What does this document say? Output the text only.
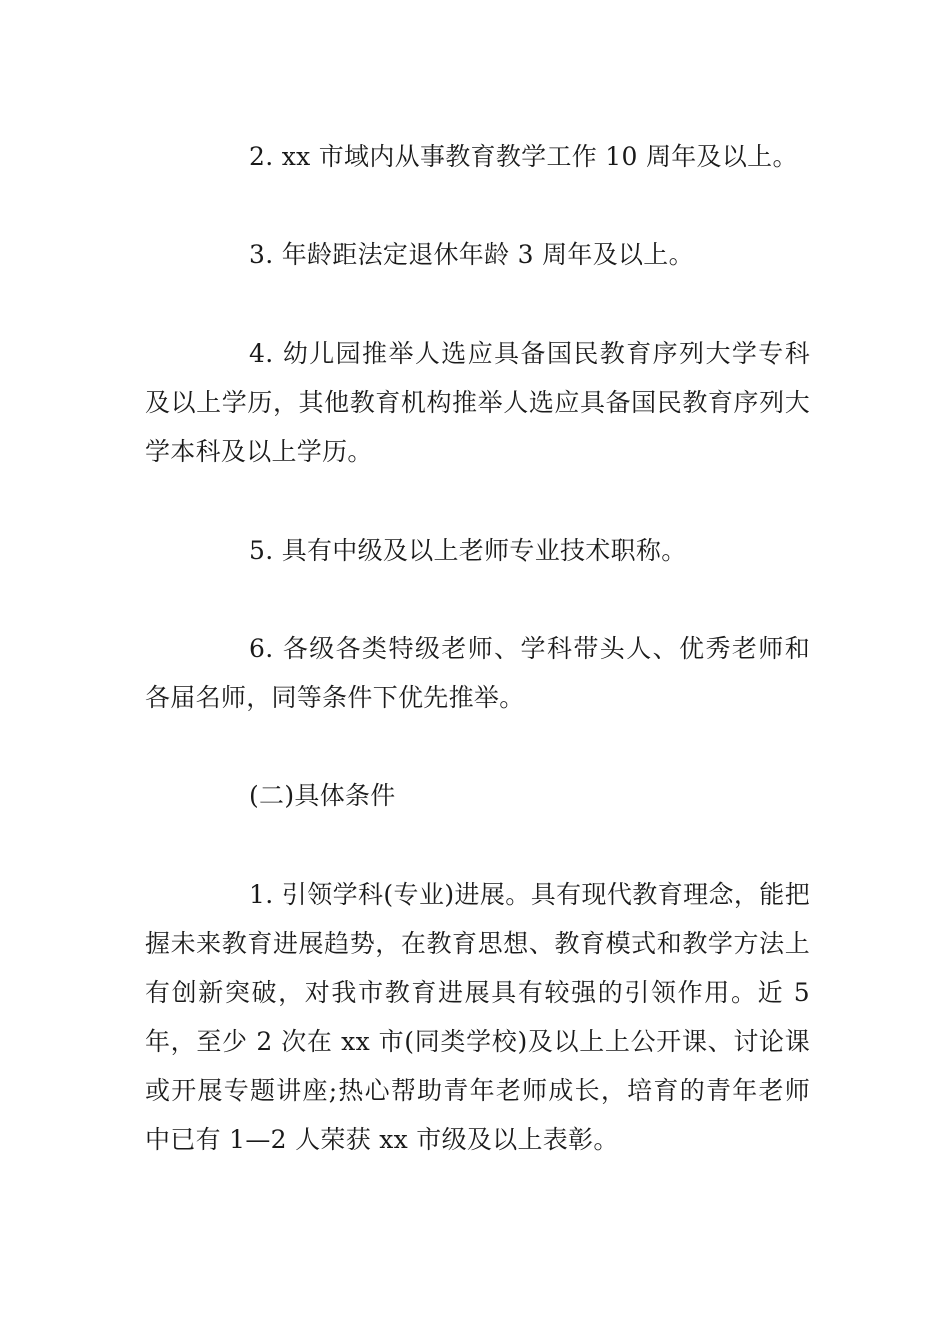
2. xx 市域内从事教育教学工作 10 周年及以上。

3. 年龄距法定退休年龄 3 周年及以上。

4. 幼儿园推举人选应具备国民教育序列大学专科及以上学历，其他教育机构推举人选应具备国民教育序列大学本科及以上学历。

5. 具有中级及以上老师专业技术职称。

6. 各级各类特级老师、学科带头人、优秀老师和各届名师，同等条件下优先推举。

(二)具体条件

1. 引领学科(专业)进展。具有现代教育理念，能把握未来教育进展趋势，在教育思想、教育模式和教学方法上有创新突破，对我市教育进展具有较强的引领作用。近 5 年，至少 2 次在 xx 市(同类学校)及以上上公开课、讨论课或开展专题讲座;热心帮助青年老师成长，培育的青年老师中已有 1—2 人荣获 xx 市级及以上表彰。
